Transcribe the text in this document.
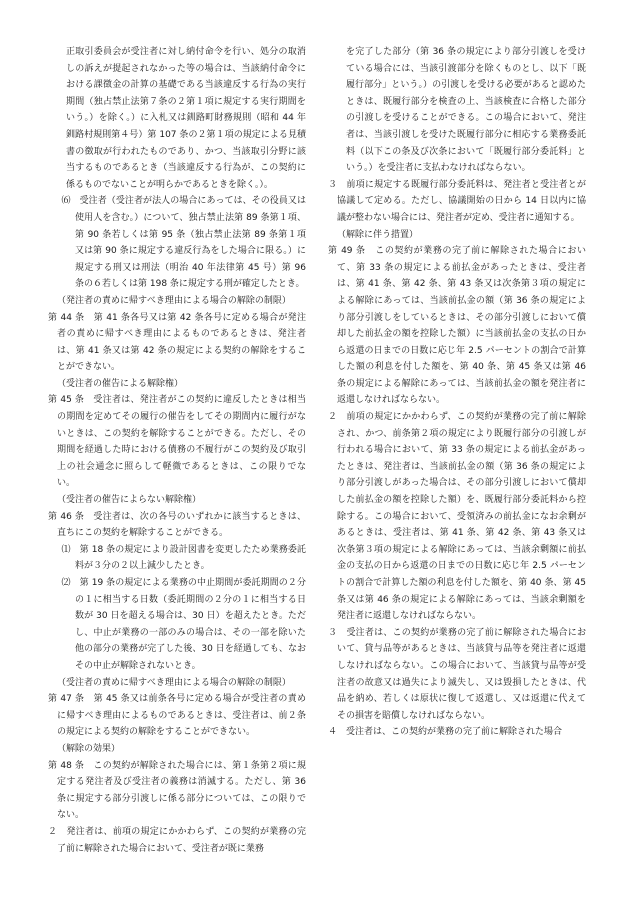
正取引委員会が受注者に対し納付命令を行い、処分の取消しの訴えが提起されなかった等の場合は、当該納付命令における課徴金の計算の基礎である当該違反する行為の実行期間（独占禁止法第７条の２第１項に規定する実行期間をいう。）を除く。）に入札又は釧路町財務規則（昭和 44 年釧路村規則第４号）第 107 条の２第１項の規定による見積書の徴取が行われたものであり、かつ、当該取引分野に該当するものであるとき（当該違反する行為が、この契約に係るものでないことが明らかであるときを除く。）。

⑹　受注者（受注者が法人の場合にあっては、その役員又は使用人を含む。）について、独占禁止法第 89 条第１項、第 90 条若しくは第 95 条（独占禁止法第 89 条第１項又は第 90 条に規定する違反行為をした場合に限る。）に規定する刑又は刑法（明治 40 年法律第 45 号）第 96 条の６若しくは第 198 条に規定する刑が確定したとき。

（発注者の責めに帰すべき理由による場合の解除の制限）

第 44 条　第 41 条各号又は第 42 条各号に定める場合が発注者の責めに帰すべき理由によるものであるときは、発注者は、第 41 条又は第 42 条の規定による契約の解除をすることができない。

（受注者の催告による解除権）

第 45 条　受注者は、発注者がこの契約に違反したときは相当の期間を定めてその履行の催告をしてその期間内に履行がないときは、この契約を解除することができる。ただし、その期間を経過した時における債務の不履行がこの契約及び取引上の社会通念に照らして軽微であるときは、この限りでない。

（受注者の催告によらない解除権）

第 46 条　受注者は、次の各号のいずれかに該当するときは、直ちにこの契約を解除することができる。

⑴　第 18 条の規定により設計図書を変更したため業務委託料が３分の２以上減少したとき。

⑵　第 19 条の規定による業務の中止期間が委託期間の２分の１に相当する日数（委託期間の２分の１に相当する日数が 30 日を超える場合は、30 日）を超えたとき。ただし、中止が業務の一部のみの場合は、その一部を除いた他の部分の業務が完了した後、30 日を経過しても、なおその中止が解除されないとき。

（受注者の責めに帰すべき理由による場合の解除の制限）

第 47 条　第 45 条又は前条各号に定める場合が受注者の責めに帰すべき理由によるものであるときは、受注者は、前２条の規定による契約の解除をすることができない。

（解除の効果）

第 48 条　この契約が解除された場合には、第１条第２項に規定する発注者及び受注者の義務は消滅する。ただし、第 36 条に規定する部分引渡しに係る部分については、この限りでない。

２　発注者は、前項の規定にかかわらず、この契約が業務の完了前に解除された場合において、受注者が既に業務

を完了した部分（第 36 条の規定により部分引渡しを受けている場合には、当該引渡部分を除くものとし、以下「既履行部分」という。）の引渡しを受ける必要があると認めたときは、既履行部分を検査の上、当該検査に合格した部分の引渡しを受けることができる。この場合において、発注者は、当該引渡しを受けた既履行部分に相応する業務委託料（以下この条及び次条において「既履行部分委託料」という。）を受注者に支払わなければならない。

３　前項に規定する既履行部分委託料は、発注者と受注者とが協議して定める。ただし、協議開始の日から 14 日以内に協議が整わない場合には、発注者が定め、受注者に通知する。

（解除に伴う措置）

第 49 条　この契約が業務の完了前に解除された場合において、第 33 条の規定による前払金があったときは、受注者は、第 41 条、第 42 条、第 43 条又は次条第３項の規定による解除にあっては、当該前払金の額（第 36 条の規定により部分引渡しをしているときは、その部分引渡しにおいて償却した前払金の額を控除した額）に当該前払金の支払の日から返還の日までの日数に応じ年 2.5 パーセントの割合で計算した額の利息を付した額を、第 40 条、第 45 条又は第 46 条の規定による解除にあっては、当該前払金の額を発注者に返還しなければならない。

２　前項の規定にかかわらず、この契約が業務の完了前に解除され、かつ、前条第２項の規定により既履行部分の引渡しが行われる場合において、第 33 条の規定による前払金があったときは、発注者は、当該前払金の額（第 36 条の規定により部分引渡しがあった場合は、その部分引渡しにおいて償却した前払金の額を控除した額）を、既履行部分委託料から控除する。この場合において、受領済みの前払金になお余剰があるときは、受注者は、第 41 条、第 42 条、第 43 条又は次条第３項の規定による解除にあっては、当該余剰額に前払金の支払の日から返還の日までの日数に応じ年 2.5 パーセントの割合で計算した額の利息を付した額を、第 40 条、第 45 条又は第 46 条の規定による解除にあっては、当該余剰額を発注者に返還しなければならない。

３　受注者は、この契約が業務の完了前に解除された場合において、貸与品等があるときは、当該貸与品等を発注者に返還しなければならない。この場合において、当該貸与品等が受注者の故意又は過失により滅失し、又は毀損したときは、代品を納め、若しくは原状に復して返還し、又は返還に代えてその損害を賠償しなければならない。

４　受注者は、この契約が業務の完了前に解除された場合
